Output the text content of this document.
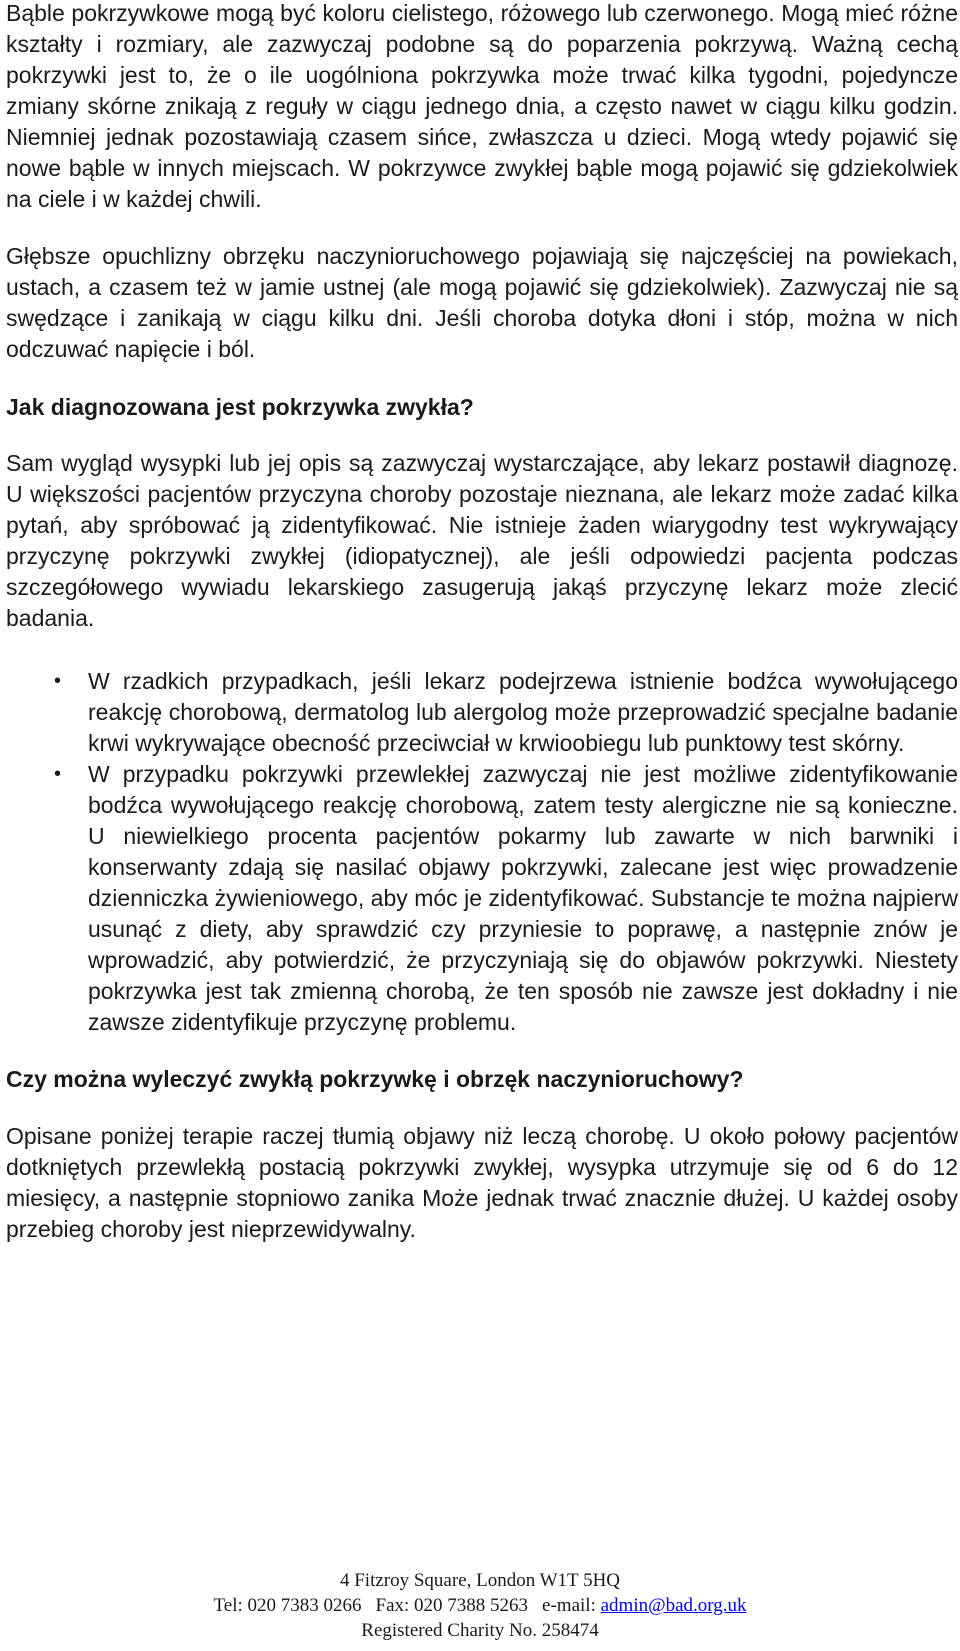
Bąble pokrzywkowe mogą być koloru cielistego, różowego lub czerwonego. Mogą mieć różne kształty i rozmiary, ale zazwyczaj podobne są do poparzenia pokrzywą. Ważną cechą pokrzywki jest to, że o ile uogólniona pokrzywka może trwać kilka tygodni, pojedyncze zmiany skórne znikają z reguły w ciągu jednego dnia, a często nawet w ciągu kilku godzin. Niemniej jednak pozostawiają czasem sińce, zwłaszcza u dzieci. Mogą wtedy pojawić się nowe bąble w innych miejscach. W pokrzywce zwykłej bąble mogą pojawić się gdziekolwiek na ciele i w każdej chwili.

Głębsze opuchlizny obrzęku naczynioruchowego pojawiają się najczęściej na powiekach, ustach, a czasem też w jamie ustnej (ale mogą pojawić się gdziekolwiek). Zazwyczaj nie są swędzące i zanikają w ciągu kilku dni. Jeśli choroba dotyka dłoni i stóp, można w nich odczuwać napięcie i ból.

Jak diagnozowana jest pokrzywka zwykła?

Sam wygląd wysypki lub jej opis są zazwyczaj wystarczające, aby lekarz postawił diagnozę. U większości pacjentów przyczyna choroby pozostaje nieznana, ale lekarz może zadać kilka pytań, aby spróbować ją zidentyfikować. Nie istnieje żaden wiarygodny test wykrywający przyczynę pokrzywki zwykłej (idiopatycznej), ale jeśli odpowiedzi pacjenta podczas szczegółowego wywiadu lekarskiego zasugerują jakąś przyczynę lekarz może zlecić badania.

• W rzadkich przypadkach, jeśli lekarz podejrzewa istnienie bodźca wywołującego reakcję chorobową, dermatolog lub alergolog może przeprowadzić specjalne badanie krwi wykrywające obecność przeciwciał w krwioobiegu lub punktowy test skórny.
• W przypadku pokrzywki przewlekłej zazwyczaj nie jest możliwe zidentyfikowanie bodźca wywołującego reakcję chorobową, zatem testy alergiczne nie są konieczne. U niewielkiego procenta pacjentów pokarmy lub zawarte w nich barwniki i konserwanty zdają się nasilać objawy pokrzywki, zalecane jest więc prowadzenie dzienniczka żywieniowego, aby móc je zidentyfikować. Substancje te można najpierw usunąć z diety, aby sprawdzić czy przyniesie to poprawę, a następnie znów je wprowadzić, aby potwierdzić, że przyczyniają się do objawów pokrzywki. Niestety pokrzywka jest tak zmienną chorobą, że ten sposób nie zawsze jest dokładny i nie zawsze zidentyfikuje przyczynę problemu.
Czy można wyleczyć zwykłą pokrzywkę i obrzęk naczynioruchowy?

Opisane poniżej terapie raczej tłumią objawy niż leczą chorobę. U około połowy pacjentów dotkniętych przewlekłą postacią pokrzywki zwykłej, wysypka utrzymuje się od 6 do 12 miesięcy, a następnie stopniowo zanika Może jednak trwać znacznie dłużej. U każdej osoby przebieg choroby jest nieprzewidywalny.

4 Fitzroy Square, London W1T 5HQ
Tel: 020 7383 0266 Fax: 020 7388 5263 e-mail: admin@bad.org.uk
Registered Charity No. 258474
